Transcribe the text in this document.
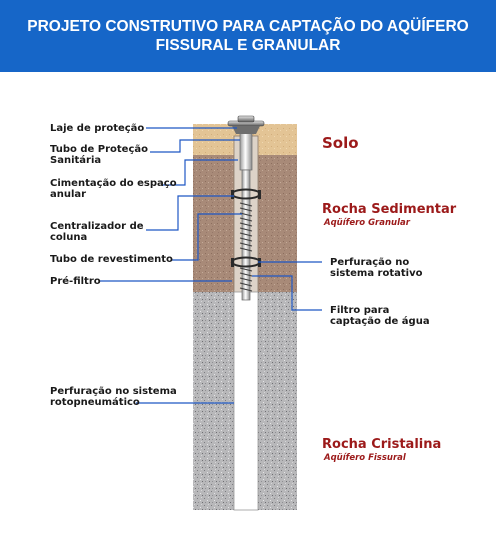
PROJETO CONSTRUTIVO PARA CAPTAÇÃO DO AQÜÍFERO
FISSURAL E GRANULAR
Laje de proteção
Tubo de Proteção
Sanitária
Cimentação do espaço
anular
Centralizador de
coluna
Tubo de revestimento
Pré-filtro
Perfuração no sistema
rotopneumático
Perfuração no
sistema rotativo
Filtro para
captação de água
Solo
Rocha Sedimentar
Aqüífero Granular
Rocha Cristalina
Aqüífero Fissural
